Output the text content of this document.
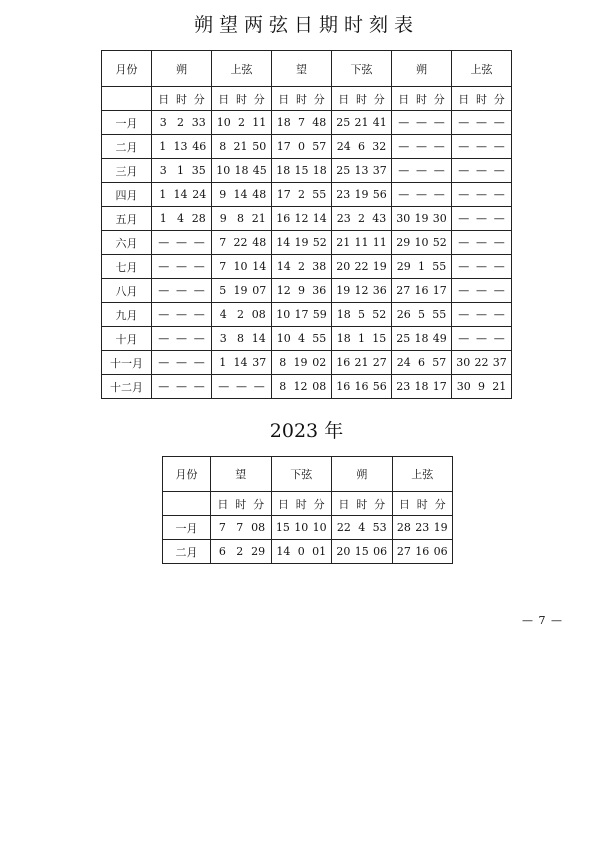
朔望两弦日期时刻表
月份	朔	上弦	望	下弦	朔	上弦

	日 时 分	日 时 分	日 时 分	日 时 分	日 时 分	日 时 分

一月	3 2 33	10 2 11	18 7 48	25 21 41	— — —	— — —

二月	1 13 46	8 21 50	17 0 57	24 6 32	— — —	— — —

三月	3 1 35	10 18 45	18 15 18	25 13 37	— — —	— — —

四月	1 14 24	9 14 48	17 2 55	23 19 56	— — —	— — —

五月	1 4 28	9 8 21	16 12 14	23 2 43	30 19 30	— — —

六月	— — —	7 22 48	14 19 52	21 11 11	29 10 52	— — —

七月	— — —	7 10 14	14 2 38	20 22 19	29 1 55	— — —

八月	— — —	5 19 07	12 9 36	19 12 36	27 16 17	— — —

九月	— — —	4 2 08	10 17 59	18 5 52	26 5 55	— — —

十月	— — —	3 8 14	10 4 55	18 1 15	25 18 49	— — —

十一月	— — —	1 14 37	8 19 02	16 21 27	24 6 57	30 22 37

十二月	— — —	— — —	8 12 08	16 16 56	23 18 17	30 9 21
2023 年
月份	望	下弦	朔	上弦

	日 时 分	日 时 分	日 时 分	日 时 分

一月	7 7 08	15 10 10	22 4 53	28 23 19

二月	6 2 29	14 0 01	20 15 06	27 16 06
— 7 —
